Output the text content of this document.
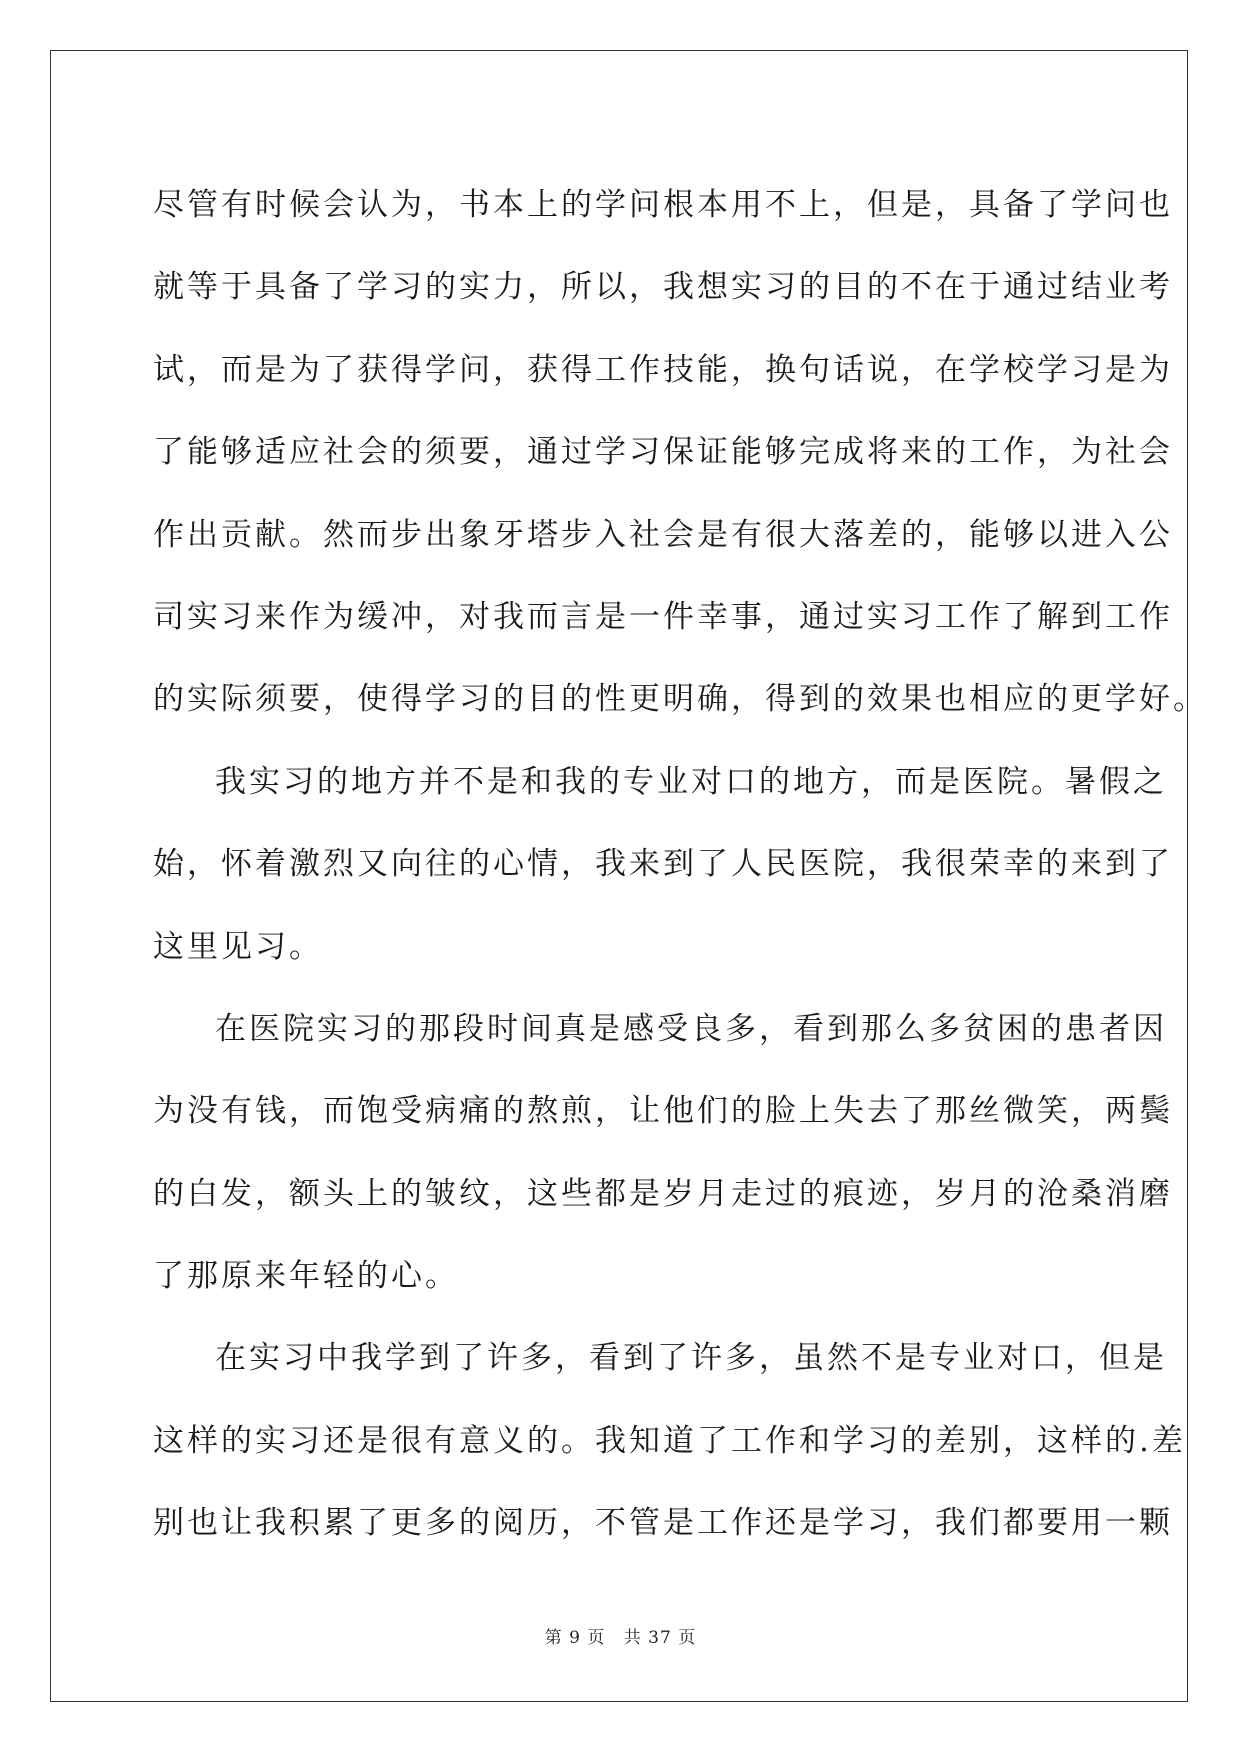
尽管有时候会认为，书本上的学问根本用不上，但是，具备了学问也
就等于具备了学习的实力，所以，我想实习的目的不在于通过结业考
试，而是为了获得学问，获得工作技能，换句话说，在学校学习是为
了能够适应社会的须要，通过学习保证能够完成将来的工作，为社会
作出贡献。然而步出象牙塔步入社会是有很大落差的，能够以进入公
司实习来作为缓冲，对我而言是一件幸事，通过实习工作了解到工作
的实际须要，使得学习的目的性更明确，得到的效果也相应的更学好。

我实习的地方并不是和我的专业对口的地方，而是医院。暑假之
始，怀着激烈又向往的心情，我来到了人民医院，我很荣幸的来到了
这里见习。

在医院实习的那段时间真是感受良多，看到那么多贫困的患者因
为没有钱，而饱受病痛的熬煎，让他们的脸上失去了那丝微笑，两鬓
的白发，额头上的皱纹，这些都是岁月走过的痕迹，岁月的沧桑消磨
了那原来年轻的心。

在实习中我学到了许多，看到了许多，虽然不是专业对口，但是
这样的实习还是很有意义的。我知道了工作和学习的差别，这样的.差
别也让我积累了更多的阅历，不管是工作还是学习，我们都要用一颗

第 9 页 共 37 页
